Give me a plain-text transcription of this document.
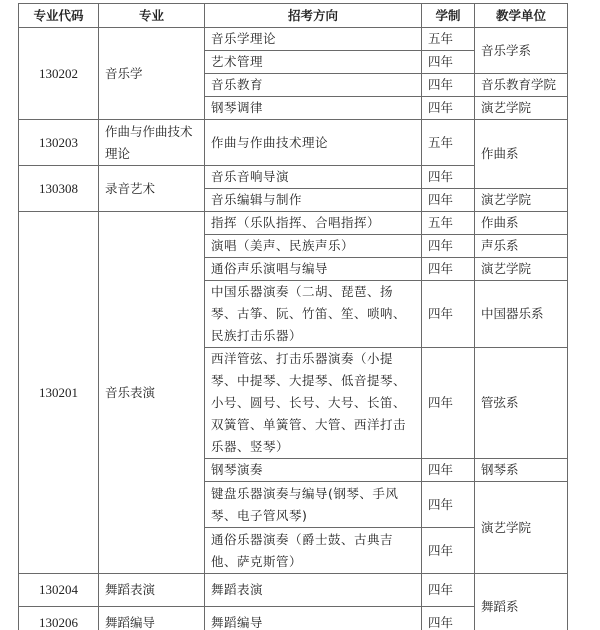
专业代码	专业	招考方向	学制	教学单位
130202	音乐学	音乐学理论	五年	音乐学系
		艺术管理	四年	
		音乐教育	四年	音乐教育学院
		钢琴调律	四年	演艺学院
130203	作曲与作曲技术理论	作曲与作曲技术理论	五年	作曲系
130308	录音艺术	音乐音响导演	四年	
		音乐编辑与制作	四年	演艺学院
130201	音乐表演	指挥（乐队指挥、合唱指挥）	五年	作曲系
		演唱（美声、民族声乐）	四年	声乐系
		通俗声乐演唱与编导	四年	演艺学院
		中国乐器演奏（二胡、琵琶、扬琴、古筝、阮、竹笛、笙、唢呐、民族打击乐器）	四年	中国器乐系
		西洋管弦、打击乐器演奏（小提琴、中提琴、大提琴、低音提琴、小号、圆号、长号、大号、长笛、双簧管、单簧管、大管、西洋打击乐器、竖琴）	四年	管弦系
		钢琴演奏	四年	钢琴系
		键盘乐器演奏与编导(钢琴、手风琴、电子管风琴)	四年	演艺学院
		通俗乐器演奏（爵士鼓、古典吉他、萨克斯管）	四年	
130204	舞蹈表演	舞蹈表演	四年	舞蹈系
130206	舞蹈编导	舞蹈编导	四年	
